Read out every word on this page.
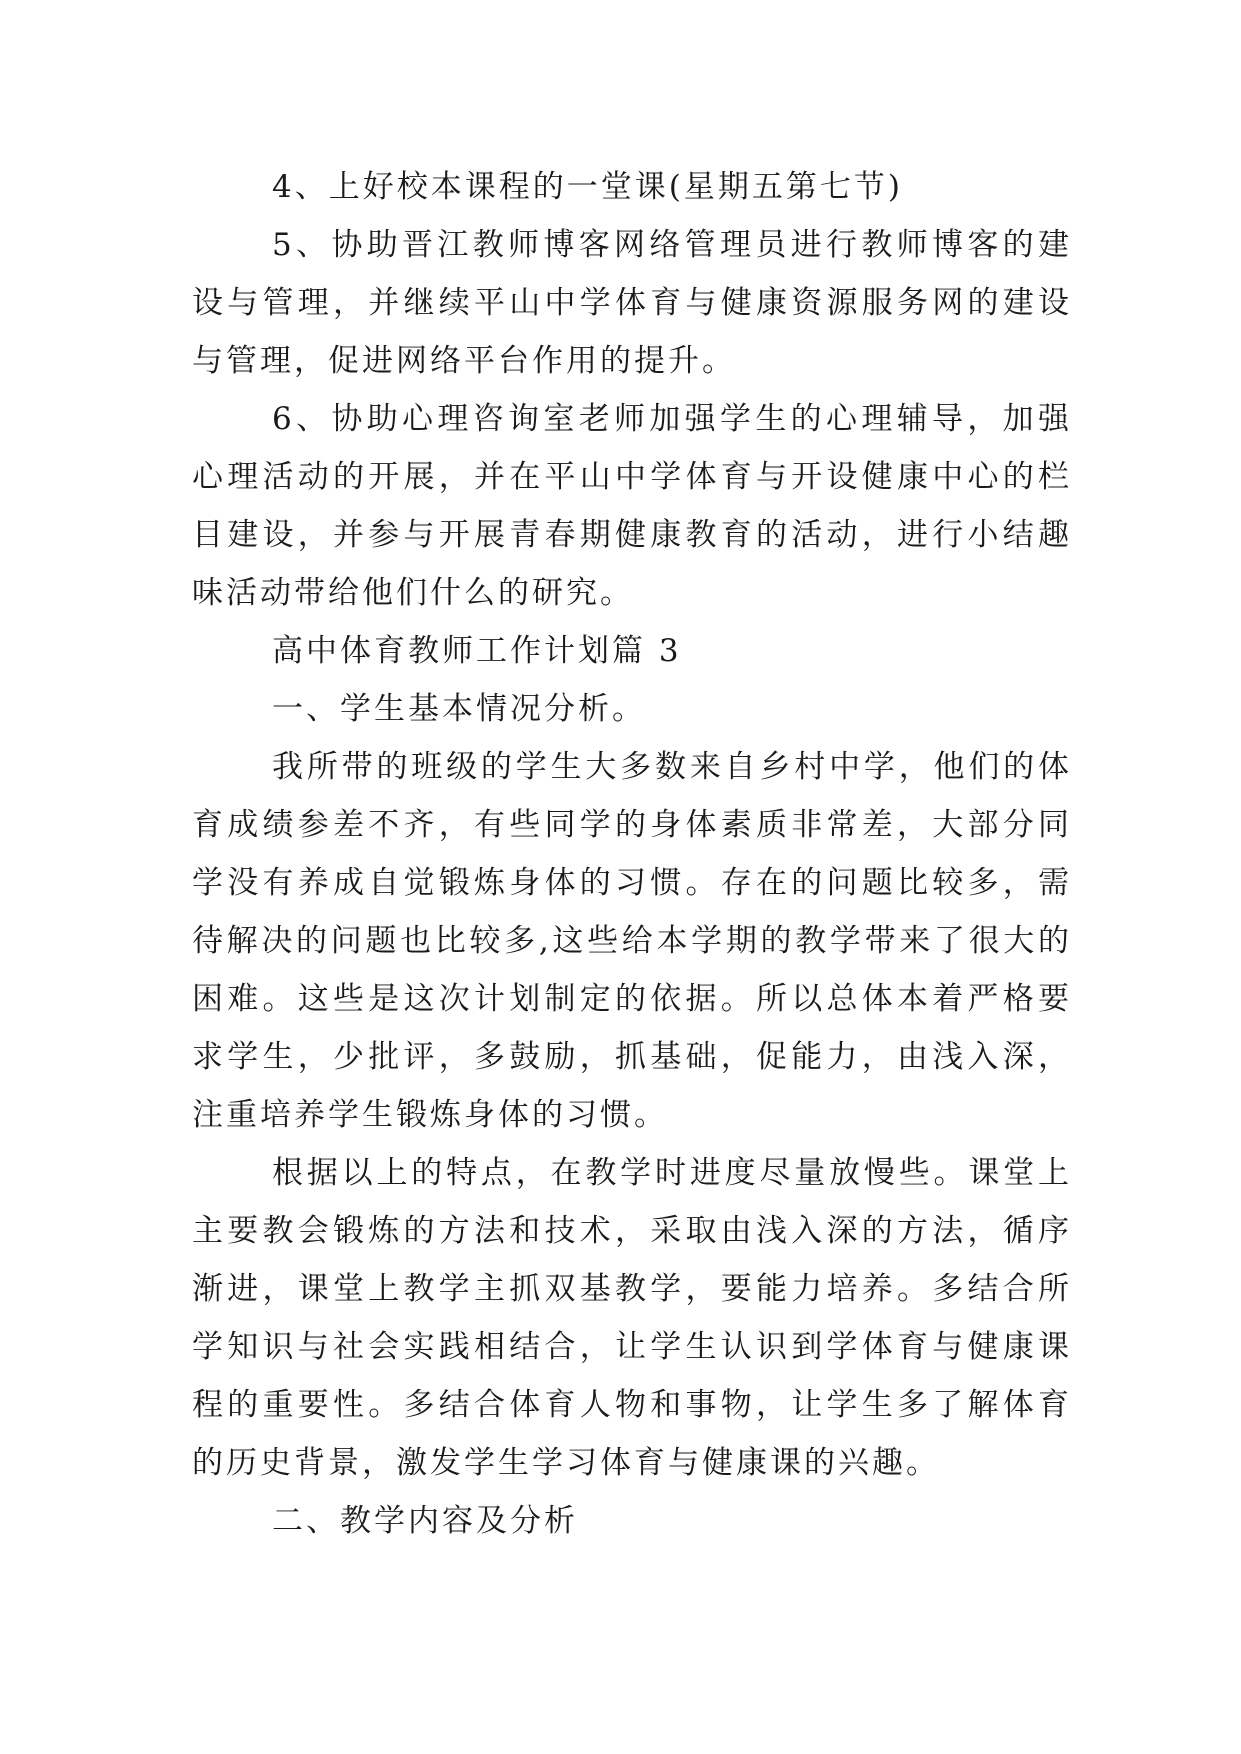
4、上好校本课程的一堂课(星期五第七节)

5、协助晋江教师博客网络管理员进行教师博客的建设与管理，并继续平山中学体育与健康资源服务网的建设与管理，促进网络平台作用的提升。

6、协助心理咨询室老师加强学生的心理辅导，加强心理活动的开展，并在平山中学体育与开设健康中心的栏目建设，并参与开展青春期健康教育的活动，进行小结趣味活动带给他们什么的研究。

高中体育教师工作计划篇 3

一、学生基本情况分析。

我所带的班级的学生大多数来自乡村中学，他们的体育成绩参差不齐，有些同学的身体素质非常差，大部分同学没有养成自觉锻炼身体的习惯。存在的问题比较多，需待解决的问题也比较多,这些给本学期的教学带来了很大的困难。这些是这次计划制定的依据。所以总体本着严格要求学生，少批评，多鼓励，抓基础，促能力，由浅入深，注重培养学生锻炼身体的习惯。

根据以上的特点，在教学时进度尽量放慢些。课堂上主要教会锻炼的方法和技术，采取由浅入深的方法，循序渐进，课堂上教学主抓双基教学，要能力培养。多结合所学知识与社会实践相结合，让学生认识到学体育与健康课程的重要性。多结合体育人物和事物，让学生多了解体育的历史背景，激发学生学习体育与健康课的兴趣。

二、教学内容及分析
